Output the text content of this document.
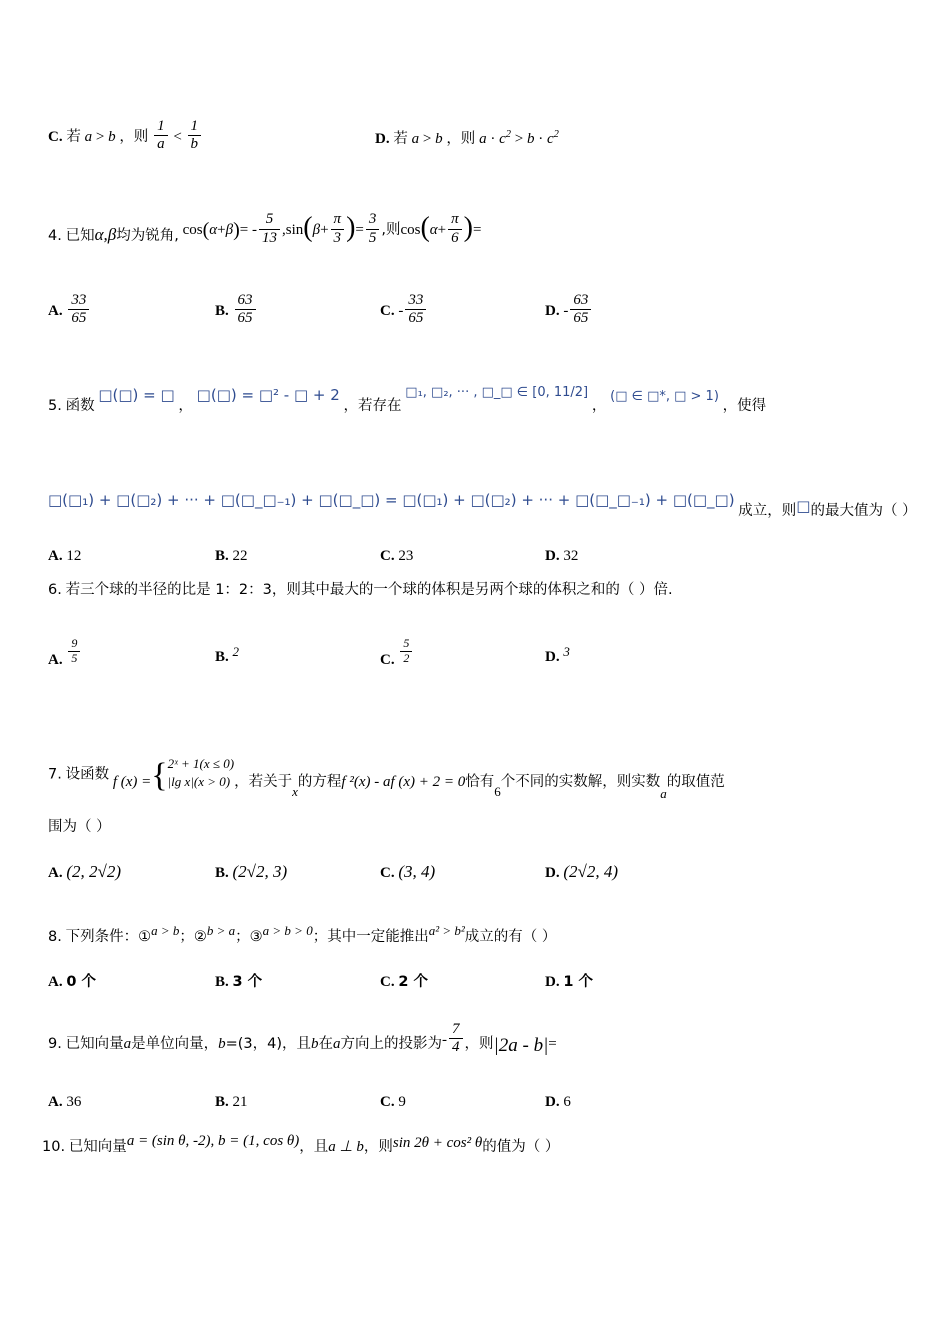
C. 若 a > b ，则 $\frac{1}{a} < \frac{1}{b}$	D. 若 a > b ，则 $a \cdot c^2 > b \cdot c^2$
4. 已知α,β均为锐角, $\cos(\alpha+\beta)= - \frac{5}{13} ,\sin(\beta+ \frac{\pi}{3}$ )= $\frac{3}{5}$ ,则$\cos(\alpha+ \frac{\pi}{6}$ )=
A. $\frac{33}{65}$	B. $\frac{63}{65}$	C. - $\frac{33}{65}$	D. - $\frac{63}{65}$
5. 函数 □(□) = □ ， □(□) = □² - □ + 2 ，若存在 □₁, □₂, ··· , □_□ ∈ [0, 11/2] ， (□ ∈ □*, □ > 1) ，使得
□(□₁) + □(□₂) + ··· + □(□_□₋₁) + □(□_□) = □(□₁) + □(□₂) + ··· + □(□_□₋₁) + □(□_□) 成立，则□的最大值为（ ）
A. 12	B. 22	C. 23	D. 32
6. 若三个球的半径的比是 1：2：3，则其中最大的一个球的体积是另两个球的体积之和的（ ）倍.
A. $\frac{9}{5}$	B. 2
C. $\frac{5}{2}$	D. 3
7. 设函数 f (x) ={ 2ˣ + 1(x ≤ 0)
|lg x|(x > 0) ，若关于x的方程f ²(x) - af (x) + 2 = 0恰有6个不同的实数解，则实数a的取值范
围为（ ）
A. (2, 2√2)	B. (2√2, 3)	C. (3, 4)	D. (2√2, 4)
8. 下列条件：①a > b；②b > a；③a > b > 0；其中一定能推出a² > b²成立的有（ ）
A. 0 个	B. 3 个	C. 2 个	D. 1 个
9. 已知向量a是单位向量，b=(3，4)，且b在a方向上的投影为- $\frac{7}{4}$ ，则|2a - b|=
A. 36	B. 21	C. 9	D. 6
10. 已知向量a = (sin θ, -2), b = (1, cos θ)，且a ⊥ b，则sin 2θ + cos² θ的值为（ ）
